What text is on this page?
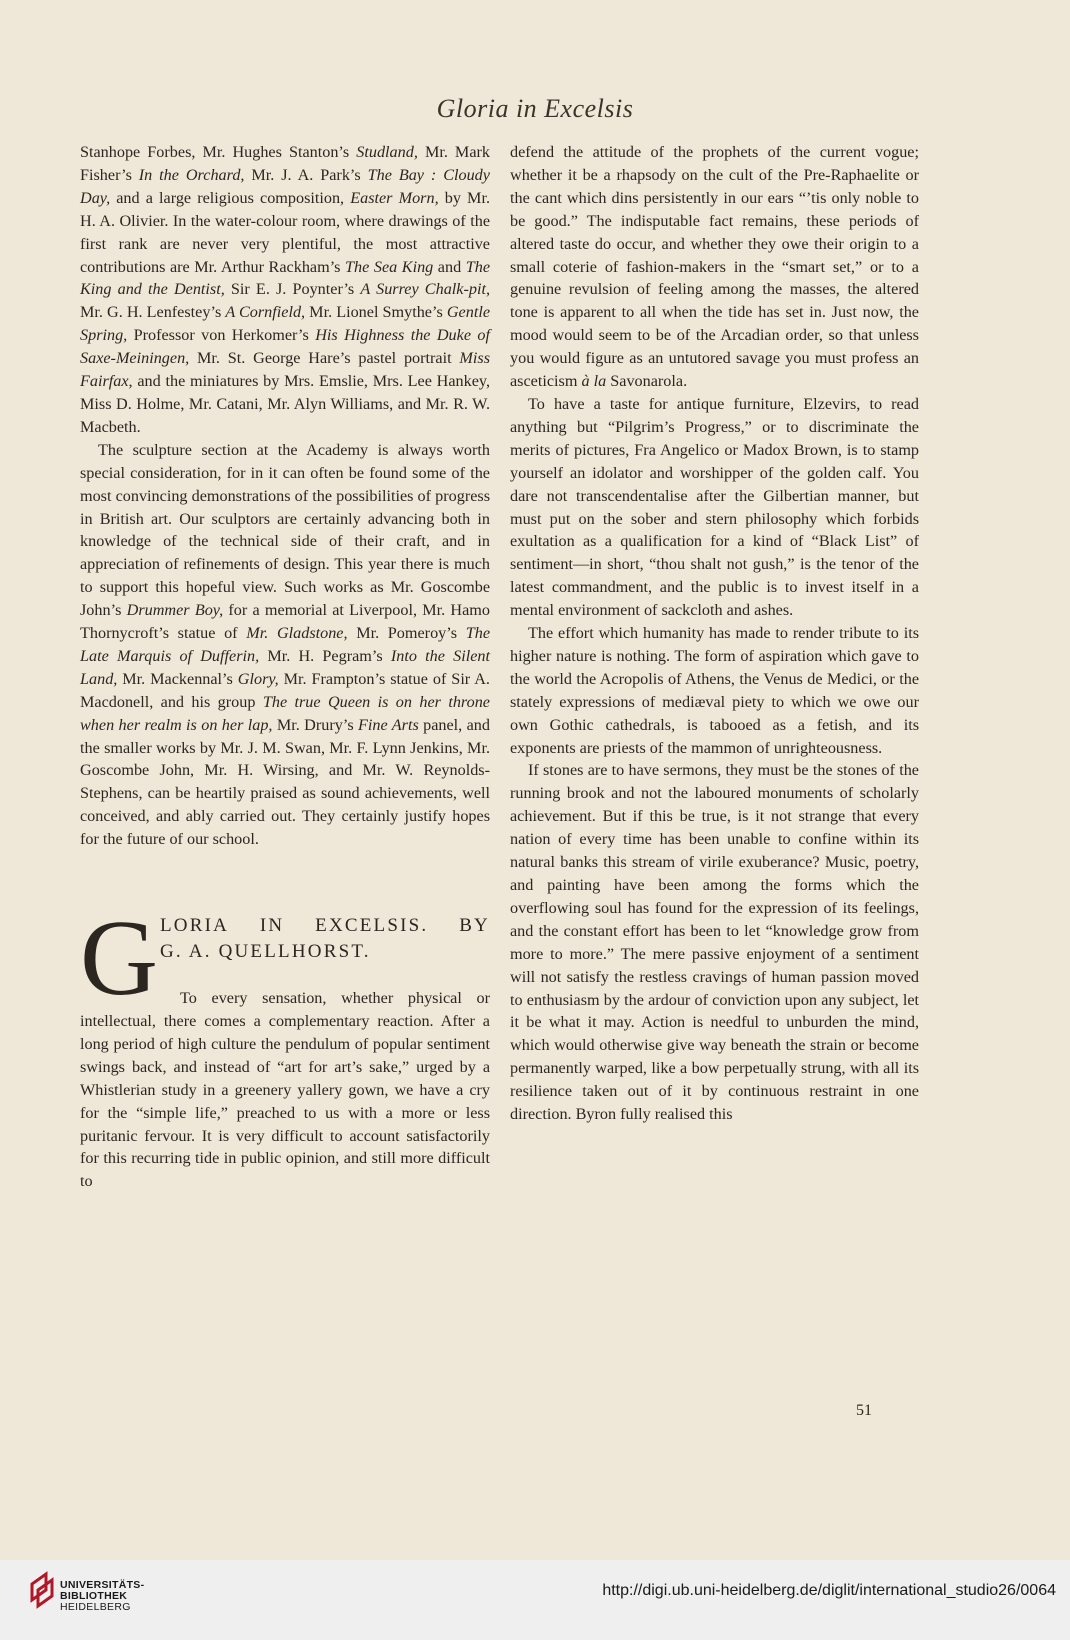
Gloria in Excelsis

Stanhope Forbes, Mr. Hughes Stanton’s Studland, Mr. Mark Fisher’s In the Orchard, Mr. J. A. Park’s The Bay : Cloudy Day, and a large religious composition, Easter Morn, by Mr. H. A. Olivier. In the water-colour room, where drawings of the first rank are never very plentiful, the most attractive contributions are Mr. Arthur Rackham’s The Sea King and The King and the Dentist, Sir E. J. Poynter’s A Surrey Chalk-pit, Mr. G. H. Lenfestey’s A Cornfield, Mr. Lionel Smythe’s Gentle Spring, Professor von Herkomer’s His Highness the Duke of Saxe-Meiningen, Mr. St. George Hare’s pastel portrait Miss Fairfax, and the miniatures by Mrs. Emslie, Mrs. Lee Hankey, Miss D. Holme, Mr. Catani, Mr. Alyn Williams, and Mr. R. W. Macbeth.

The sculpture section at the Academy is always worth special consideration, for in it can often be found some of the most convincing demonstrations of the possibilities of progress in British art. Our sculptors are certainly advancing both in knowledge of the technical side of their craft, and in appreciation of refinements of design. This year there is much to support this hopeful view. Such works as Mr. Goscombe John’s Drummer Boy, for a memorial at Liverpool, Mr. Hamo Thornycroft’s statue of Mr. Gladstone, Mr. Pomeroy’s The Late Marquis of Dufferin, Mr. H. Pegram’s Into the Silent Land, Mr. Mackennal’s Glory, Mr. Frampton’s statue of Sir A. Macdonell, and his group The true Queen is on her throne when her realm is on her lap, Mr. Drury’s Fine Arts panel, and the smaller works by Mr. J. M. Swan, Mr. F. Lynn Jenkins, Mr. Goscombe John, Mr. H. Wirsing, and Mr. W. Reynolds-Stephens, can be heartily praised as sound achievements, well conceived, and ably carried out. They certainly justify hopes for the future of our school.

G LORIA IN EXCELSIS. BY
G. A. QUELLHORST.

To every sensation, whether physical or intellectual, there comes a complementary reaction. After a long period of high culture the pendulum of popular sentiment swings back, and instead of “art for art’s sake,” urged by a Whistlerian study in a greenery yallery gown, we have a cry for the “simple life,” preached to us with a more or less puritanic fervour. It is very difficult to account satisfactorily for this recurring tide in public opinion, and still more difficult to

defend the attitude of the prophets of the current vogue; whether it be a rhapsody on the cult of the Pre-Raphaelite or the cant which dins persistently in our ears “’tis only noble to be good.” The indisputable fact remains, these periods of altered taste do occur, and whether they owe their origin to a small coterie of fashion-makers in the “smart set,” or to a genuine revulsion of feeling among the masses, the altered tone is apparent to all when the tide has set in. Just now, the mood would seem to be of the Arcadian order, so that unless you would figure as an untutored savage you must profess an asceticism à la Savonarola.

To have a taste for antique furniture, Elzevirs, to read anything but “Pilgrim’s Progress,” or to discriminate the merits of pictures, Fra Angelico or Madox Brown, is to stamp yourself an idolator and worshipper of the golden calf. You dare not transcendentalise after the Gilbertian manner, but must put on the sober and stern philosophy which forbids exultation as a qualification for a kind of “Black List” of sentiment—in short, “thou shalt not gush,” is the tenor of the latest commandment, and the public is to invest itself in a mental environment of sackcloth and ashes.

The effort which humanity has made to render tribute to its higher nature is nothing. The form of aspiration which gave to the world the Acropolis of Athens, the Venus de Medici, or the stately expressions of mediæval piety to which we owe our own Gothic cathedrals, is tabooed as a fetish, and its exponents are priests of the mammon of unrighteousness.

If stones are to have sermons, they must be the stones of the running brook and not the laboured monuments of scholarly achievement. But if this be true, is it not strange that every nation of every time has been unable to confine within its natural banks this stream of virile exuberance? Music, poetry, and painting have been among the forms which the overflowing soul has found for the expression of its feelings, and the constant effort has been to let “knowledge grow from more to more.” The mere passive enjoyment of a sentiment will not satisfy the restless cravings of human passion moved to enthusiasm by the ardour of conviction upon any subject, let it be what it may. Action is needful to unburden the mind, which would otherwise give way beneath the strain or become permanently warped, like a bow perpetually strung, with all its resilience taken out of it by continuous restraint in one direction. Byron fully realised this

51
UNIVERSITÄTS-
BIBLIOTHEK
HEIDELBERG
http://digi.ub.uni-heidelberg.de/diglit/international_studio26/0064
